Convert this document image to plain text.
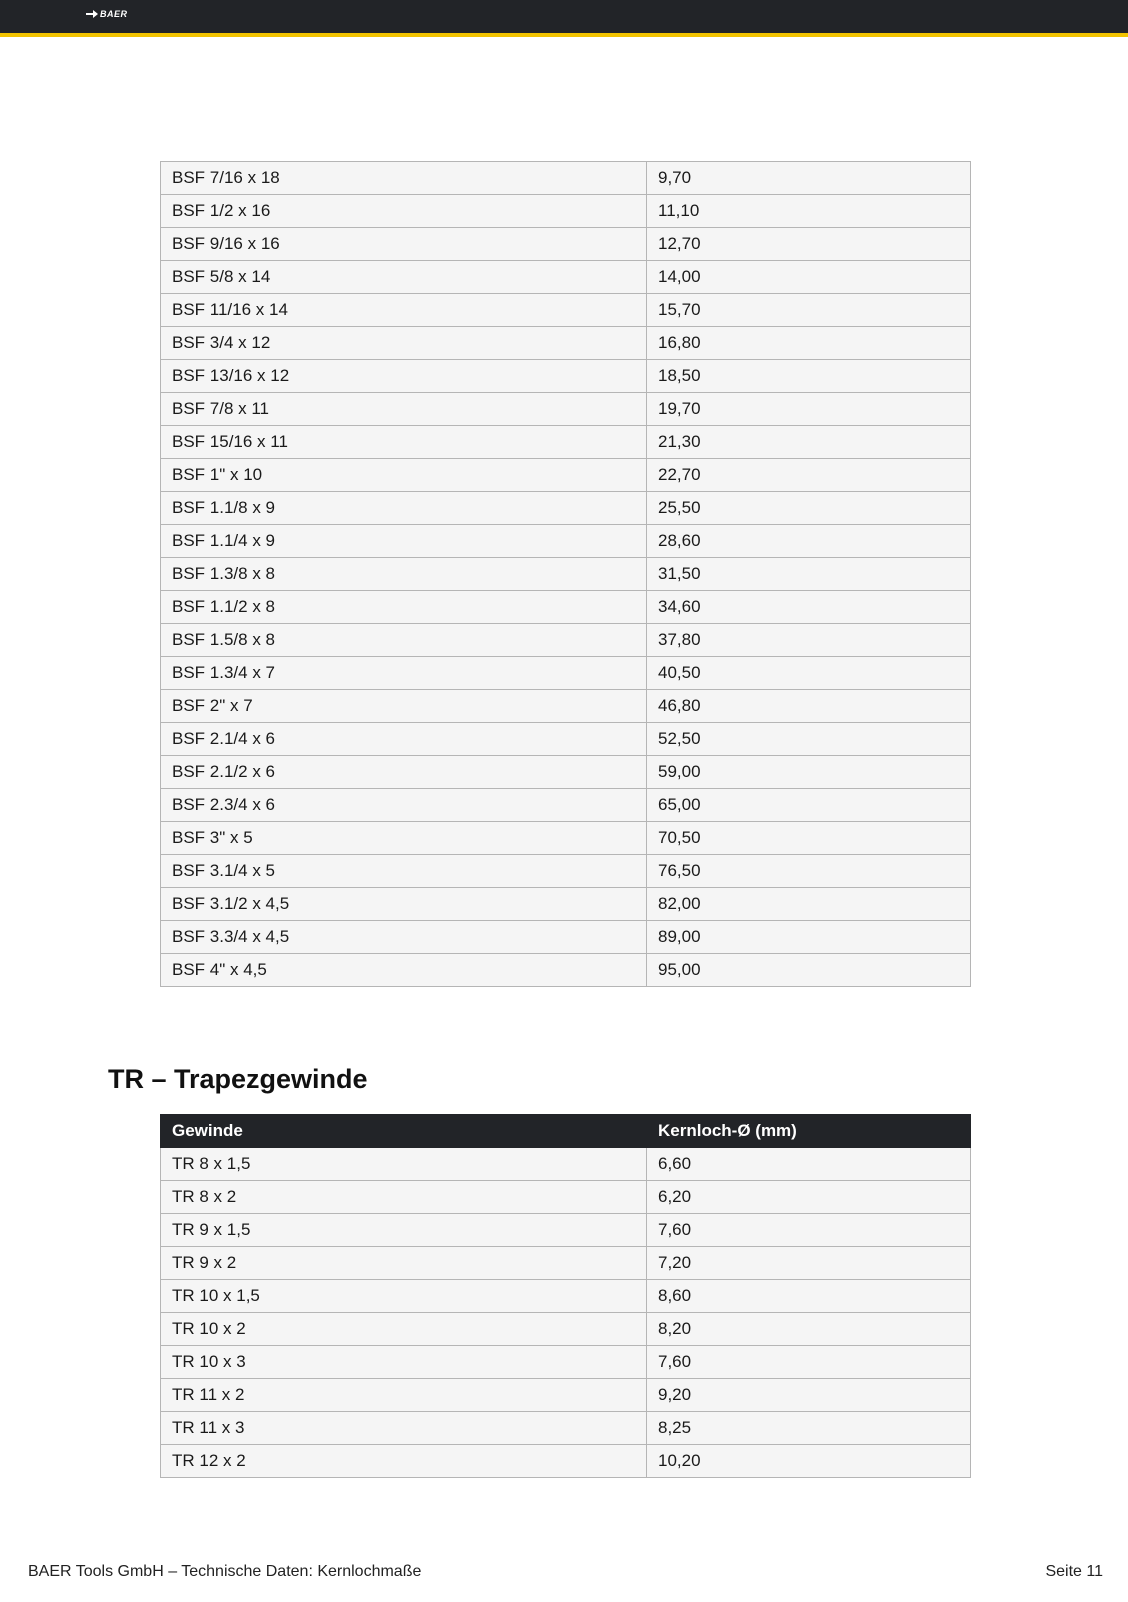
BAER
BSF 7/16 x 18	9,70
BSF 1/2 x 16	11,10
BSF 9/16 x 16	12,70
BSF 5/8 x 14	14,00
BSF 11/16 x 14	15,70
BSF 3/4 x 12	16,80
BSF 13/16 x 12	18,50
BSF 7/8 x 11	19,70
BSF 15/16 x 11	21,30
BSF 1" x 10	22,70
BSF 1.1/8 x 9	25,50
BSF 1.1/4 x 9	28,60
BSF 1.3/8 x 8	31,50
BSF 1.1/2 x 8	34,60
BSF 1.5/8 x 8	37,80
BSF 1.3/4 x 7	40,50
BSF 2" x 7	46,80
BSF 2.1/4 x 6	52,50
BSF 2.1/2 x 6	59,00
BSF 2.3/4 x 6	65,00
BSF 3" x 5	70,50
BSF 3.1/4 x 5	76,50
BSF 3.1/2 x 4,5	82,00
BSF 3.3/4 x 4,5	89,00
BSF 4" x 4,5	95,00
TR – Trapezgewinde
Gewinde	Kernloch-Ø (mm)
TR 8 x 1,5	6,60
TR 8 x 2	6,20
TR 9 x 1,5	7,60
TR 9 x 2	7,20
TR 10 x 1,5	8,60
TR 10 x 2	8,20
TR 10 x 3	7,60
TR 11 x 2	9,20
TR 11 x 3	8,25
TR 12 x 2	10,20
BAER Tools GmbH – Technische Daten: Kernlochmaße	Seite 11
